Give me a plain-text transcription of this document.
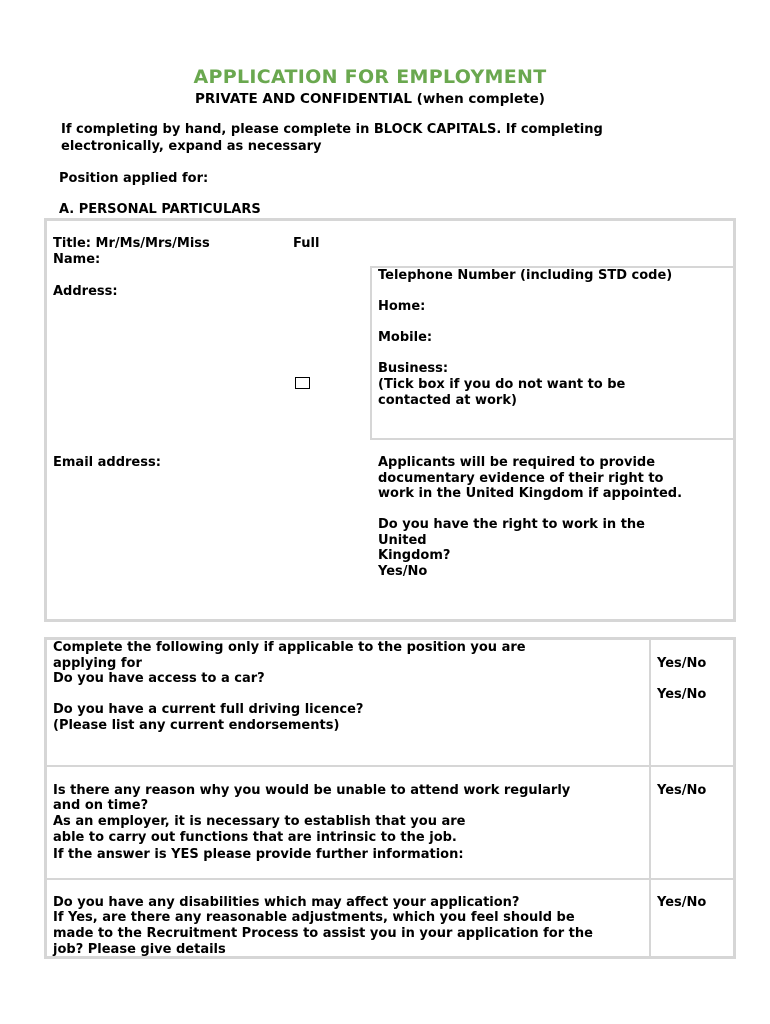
APPLICATION FOR EMPLOYMENT
PRIVATE AND CONFIDENTIAL (when complete)
If completing by hand, please complete in BLOCK CAPITALS. If completing
electronically, expand as necessary
Position applied for:
A. PERSONAL PARTICULARS
Title: Mr/Ms/Mrs/Miss
Name:
Full
Address:
Telephone Number (including STD code)
Home:
Mobile:
Business:
(Tick box if you do not want to be
contacted at work)
Email address:	Applicants will be required to provide
documentary evidence of their right to
work in the United Kingdom if appointed.
Do you have the right to work in the
United
Kingdom?
Yes/No
Complete the following only if applicable to the position you are
applying for
Do you have access to a car?
Do you have a current full driving licence?
(Please list any current endorsements)
Yes/No
Yes/No
Is there any reason why you would be unable to attend work regularly
and on time?
As an employer, it is necessary to establish that you are
able to carry out functions that are intrinsic to the job.
If the answer is YES please provide further information:
Yes/No
Do you have any disabilities which may affect your application?
If Yes, are there any reasonable adjustments, which you feel should be
made to the Recruitment Process to assist you in your application for the
job? Please give details
Yes/No
